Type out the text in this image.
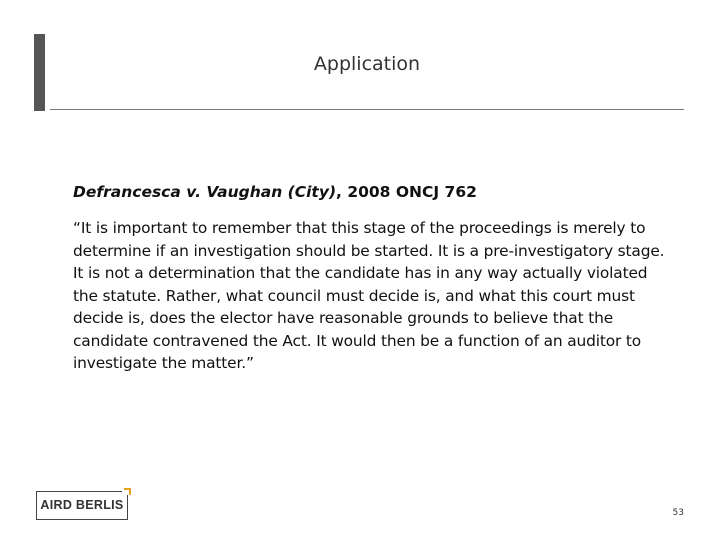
Application

Defrancesca v. Vaughan (City), 2008 ONCJ 762

“It is important to remember that this stage of the proceedings is merely to determine if an investigation should be started. It is a pre-investigatory stage. It is not a determination that the candidate has in any way actually violated the statute. Rather, what council must decide is, and what this court must decide is, does the elector have reasonable grounds to believe that the candidate contravened the Act. It would then be a function of an auditor to investigate the matter.”

AIRD BERLIS
53
